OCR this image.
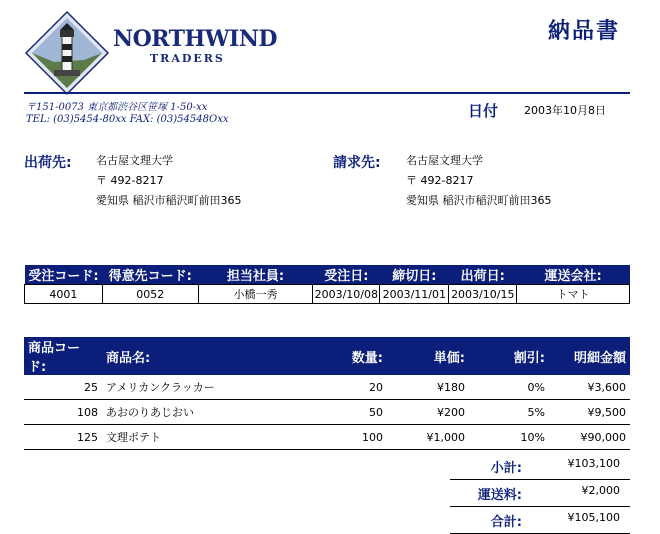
NORTHWIND
TRADERS
納品書
〒151-0073 東京都渋谷区笹塚 1-50-xx
TEL: (03)5454-80xx FAX: (03)54548Oxx	日付 2003年10月8日
出荷先: 名古屋文理大学
〒 492-8217
愛知県 稲沢市稲沢町前田365
請求先: 名古屋文理大学
〒 492-8217
愛知県 稲沢市稲沢町前田365
受注コード:	得意先コード:	担当社員:	受注日:	締切日:	出荷日:	運送会社:
4001	0052	小橋一秀	2003/10/08	2003/11/01	2003/10/15	トマト
商品コード:	商品名:	数量:	単価:	割引:	明細金額
25	アメリカンクラッカー	20	¥180	0%	¥3,600
108	あおのりあじおい	50	¥200	5%	¥9,500
125	文理ポテト	100	¥1,000	10%	¥90,000
小計:	¥103,100
運送料:	¥2,000
合計:	¥105,100
